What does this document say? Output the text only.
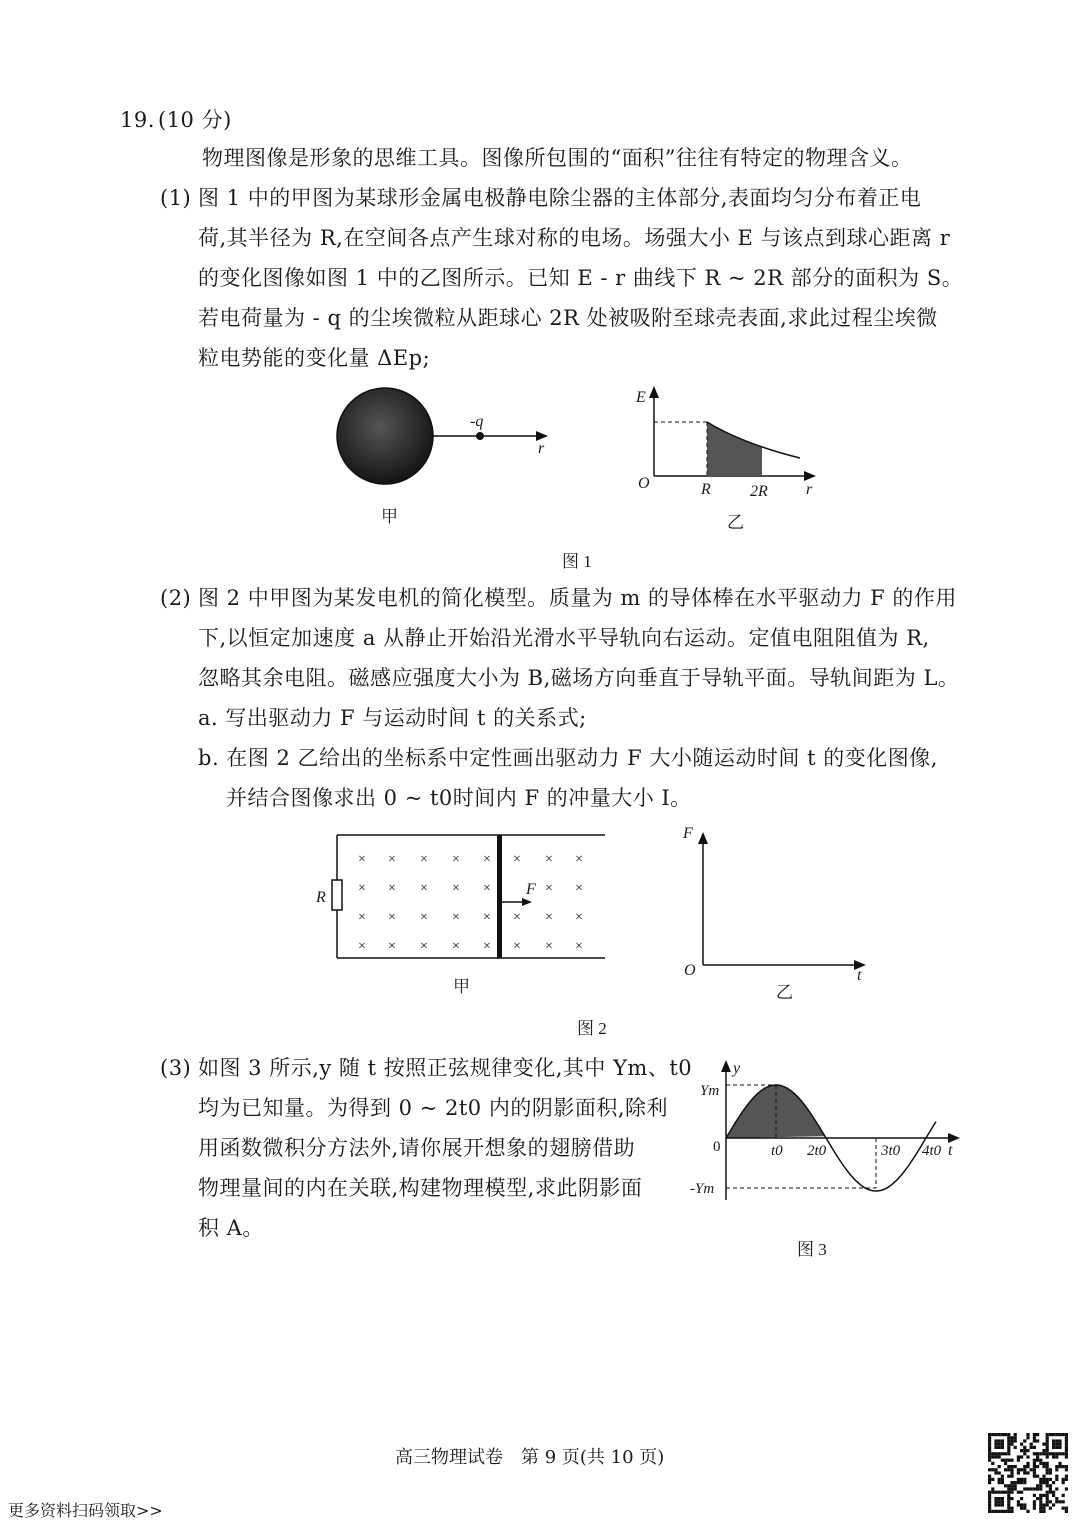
19. (10 分)
物理图像是形象的思维工具。图像所包围的“面积”往往有特定的物理含义。
(1) 图 1 中的甲图为某球形金属电极静电除尘器的主体部分,表面均匀分布着正电
荷,其半径为 R,在空间各点产生球对称的电场。场强大小 E 与该点到球心距离 r
的变化图像如图 1 中的乙图所示。已知 E - r 曲线下 R ~ 2R 部分的面积为 S。
若电荷量为 - q 的尘埃微粒从距球心 2R 处被吸附至球壳表面,求此过程尘埃微
粒电势能的变化量 ΔEp;
-q
r
O
甲
E
O	R 2R r
乙
图 1
(2) 图 2 中甲图为某发电机的简化模型。质量为 m 的导体棒在水平驱动力 F 的作用
下,以恒定加速度 a 从静止开始沿光滑水平导轨向右运动。定值电阻阻值为 R,
忽略其余电阻。磁感应强度大小为 B,磁场方向垂直于导轨平面。导轨间距为 L。
a. 写出驱动力 F 与运动时间 t 的关系式;
b. 在图 2 乙给出的坐标系中定性画出驱动力 F 大小随运动时间 t 的变化图像,
并结合图像求出 0 ~ t0时间内 F 的冲量大小 I。
R	F
×
×
×
×
×
×
×
×
×
×
×
×
×
×
×
×
×
×
×
×
×
×
×
×
×
×
×
×
×
×
×
F
O	t
甲	乙
图 2
(3) 如图 3 所示,y 随 t 按照正弦规律变化,其中 Ym、t0
均为已知量。为得到 0 ~ 2t0 内的阴影面积,除利
用函数微积分方法外,请你展开想象的翅膀借助
物理量间的内在关联,构建物理模型,求此阴影面
积 A。
y
t
Ym
-Ym
0	t0 2t0	3t0 4t0
图 3
高三物理试卷　第 9 页(共 10 页)
更多资料扫码领取>>
